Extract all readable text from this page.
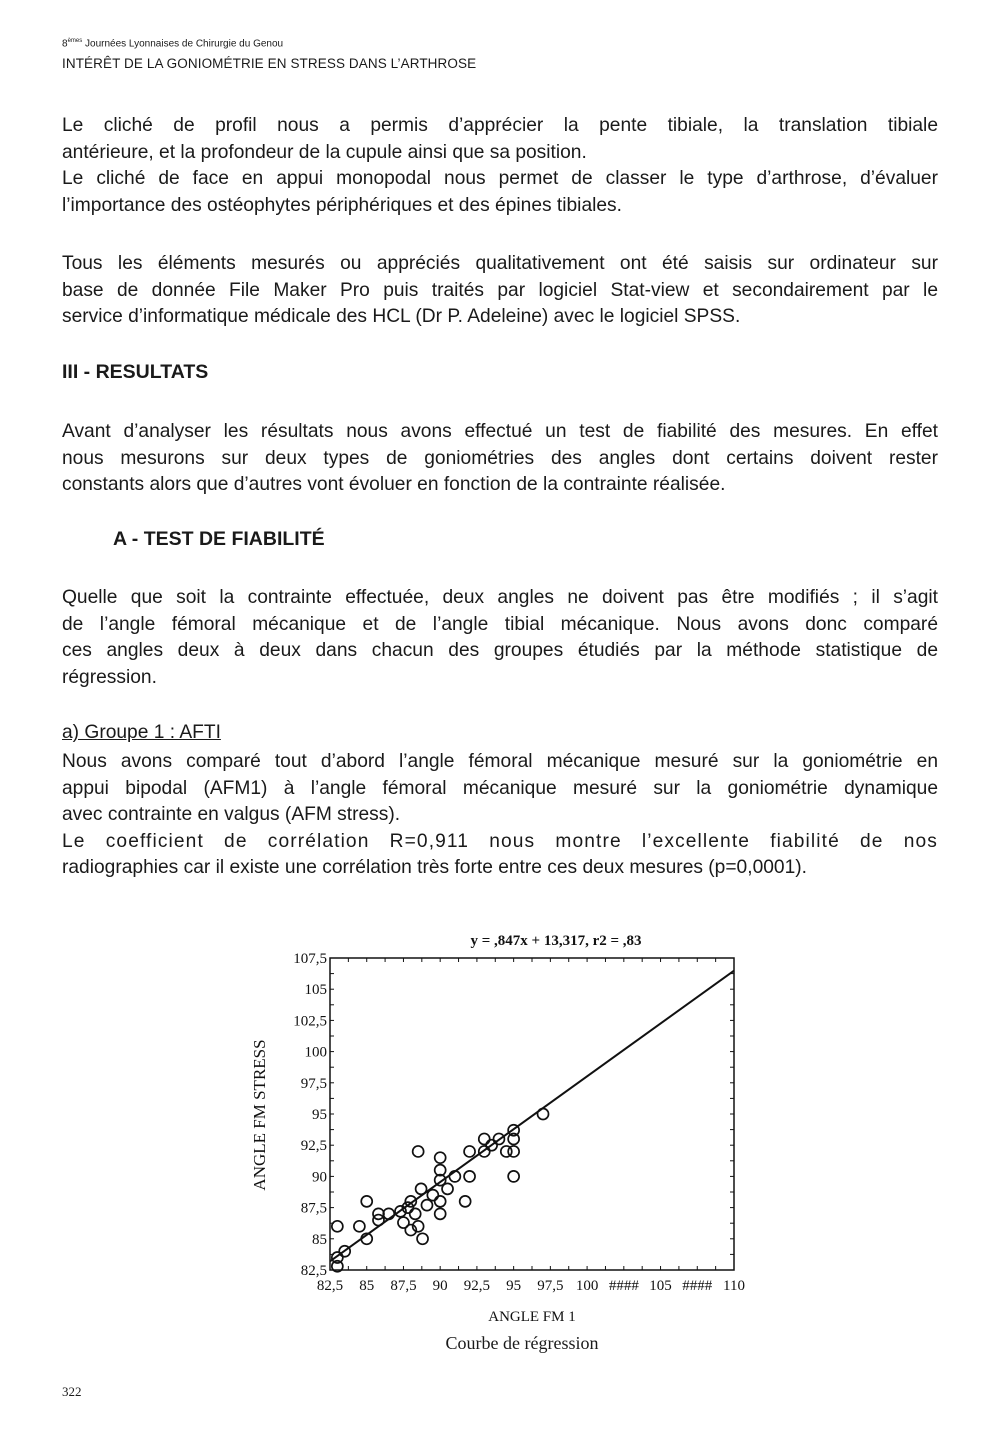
8èmes Journées Lyonnaises de Chirurgie du Genou
INTÉRÊT DE LA GONIOMÉTRIE EN STRESS DANS L’ARTHROSE

Le cliché de profil nous a permis d’apprécier la pente tibiale, la translation tibiale
antérieure, et la profondeur de la cupule ainsi que sa position.
Le cliché de face en appui monopodal nous permet de classer le type d’arthrose, d’évaluer
l’importance des ostéophytes périphériques et des épines tibiales.

Tous les éléments mesurés ou appréciés qualitativement ont été saisis sur ordinateur sur
base de donnée File Maker Pro puis traités par logiciel Stat-view et secondairement par le
service d’informatique médicale des HCL (Dr P. Adeleine) avec le logiciel SPSS.

III - RESULTATS

Avant d’analyser les résultats nous avons effectué un test de fiabilité des mesures. En effet
nous mesurons sur deux types de goniométries des angles dont certains doivent rester
constants alors que d’autres vont évoluer en fonction de la contrainte réalisée.

A - TEST DE FIABILITÉ

Quelle que soit la contrainte effectuée, deux angles ne doivent pas être modifiés ; il s’agit
de l’angle fémoral mécanique et de l’angle tibial mécanique. Nous avons donc comparé
ces angles deux à deux dans chacun des groupes étudiés par la méthode statistique de
régression.

a) Groupe 1 : AFTI

Nous avons comparé tout d’abord l’angle fémoral mécanique mesuré sur la goniométrie en
appui bipodal (AFM1) à l’angle fémoral mécanique mesuré sur la goniométrie dynamique
avec contrainte en valgus (AFM stress).
Le coefficient de corrélation R=0,911 nous montre l’excellente fiabilité de nos
radiographies car il existe une corrélation très forte entre ces deux mesures (p=0,0001).

82,5 85 87,5 90 92,5 95 97,5 100 #### 105 #### 110
82,5
85
87,5
90
92,5
95
97,5
100
102,5
105
107,5
y = ,847x + 13,317, r2 = ,83
ANGLE FM 1
ANGLE FM STRESS
Courbe de régression
322
